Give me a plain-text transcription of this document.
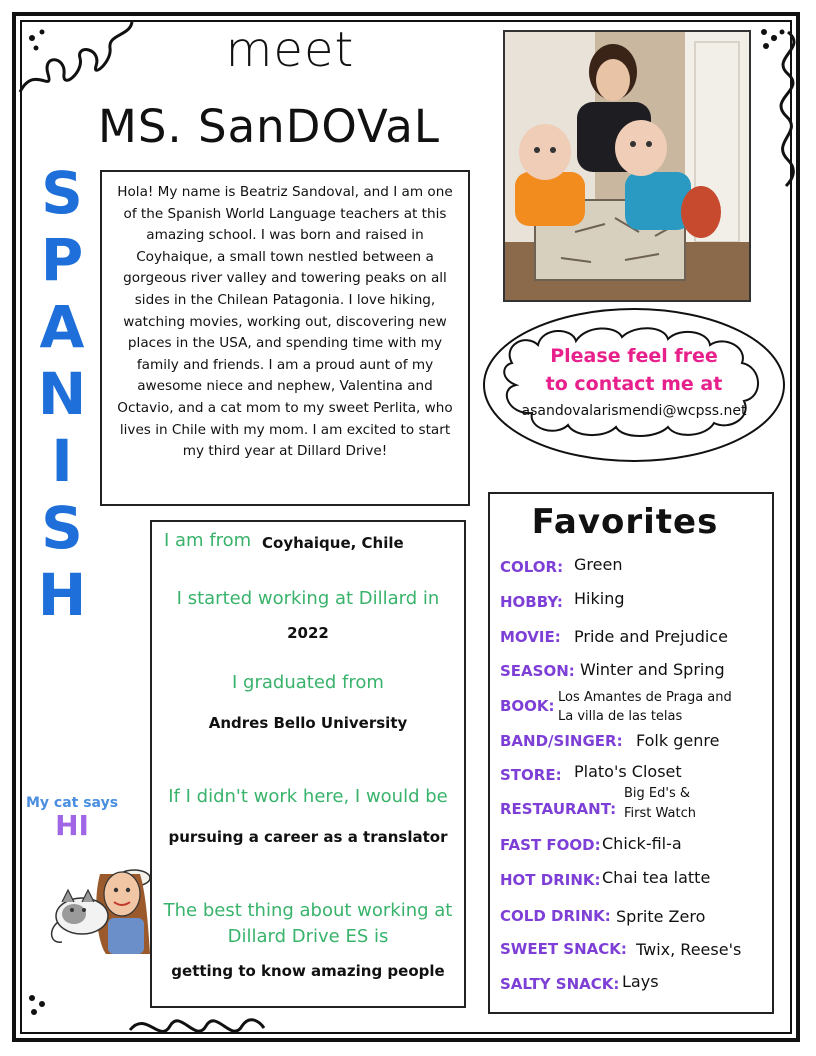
meet
MS. SanDOVaL
S
P
A
N
I
S
H
Hola! My name is Beatriz Sandoval, and I am one of the Spanish World Language teachers at this amazing school. I was born and raised in Coyhaique, a small town nestled between a gorgeous river valley and towering peaks on all sides in the Chilean Patagonia. I love hiking, watching movies, working out, discovering new places in the USA, and spending time with my family and friends. I am a proud aunt of my awesome niece and nephew, Valentina and Octavio, and a cat mom to my sweet Perlita, who lives in Chile with my mom. I am excited to start my third year at Dillard Drive!
Please feel free
to contact me at
asandovalarismendi@wcpss.net
I am from Coyhaique, Chile
I started working at Dillard in
2022
I graduated from
Andres Bello University
If I didn't work here, I would be
pursuing a career as a translator
The best thing about working at
Dillard Drive ES is
getting to know amazing people
Favorites
COLOR: Green
HOBBY: Hiking
MOVIE: Pride and Prejudice
SEASON: Winter and Spring
BOOK: Los Amantes de Praga and
La villa de las telas
BAND/SINGER: Folk genre
STORE: Plato's Closet
RESTAURANT:
Big Ed's &
First Watch
FAST FOOD: Chick-fil-a
HOT DRINK: Chai tea latte
COLD DRINK: Sprite Zero
SWEET SNACK: Twix, Reese's
SALTY SNACK: Lays
My cat says
HI
